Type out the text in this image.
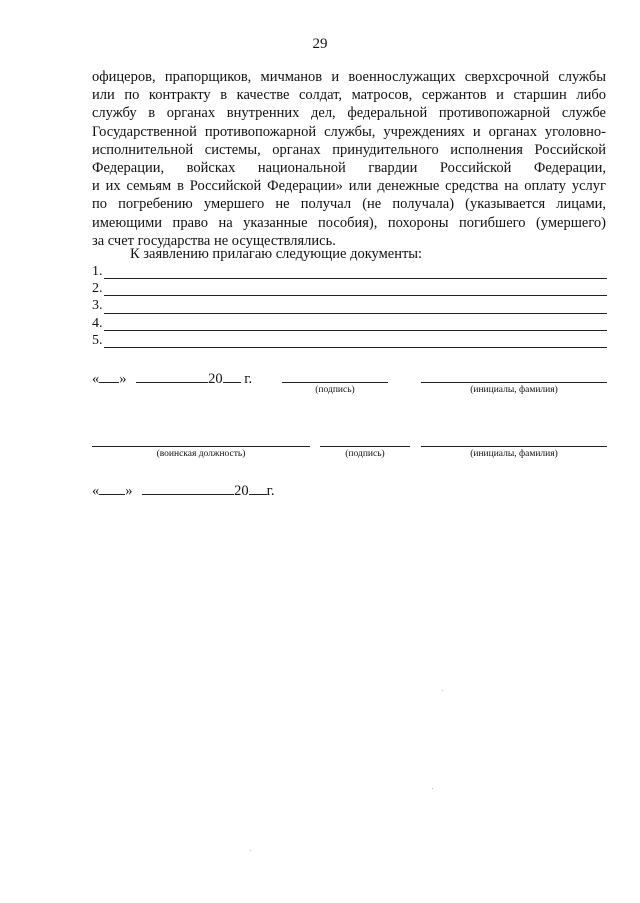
29
офицеров, прапорщиков, мичманов и военнослужащих сверхсрочной службы
или по контракту в качестве солдат, матросов, сержантов и старшин либо
службу в органах внутренних дел, федеральной противопожарной службе
Государственной противопожарной службы, учреждениях и органах уголовно-
исполнительной системы, органах принудительного исполнения Российской
Федерации, войсках национальной гвардии Российской Федерации,
и их семьям в Российской Федерации» или денежные средства на оплату услуг
по погребению умершего не получал (не получала) (указывается лицами,
имеющими право на указанные пособия), похороны погибшего (умершего)
за счет государства не осуществлялись.
К заявлению прилагаю следующие документы:
1.
2.
3.
4.
5.
« »	20 г.
(подпись)	(инициалы, фамилия)
(воинская должность)	(подпись)	(инициалы, фамилия)
« »	20 г.
